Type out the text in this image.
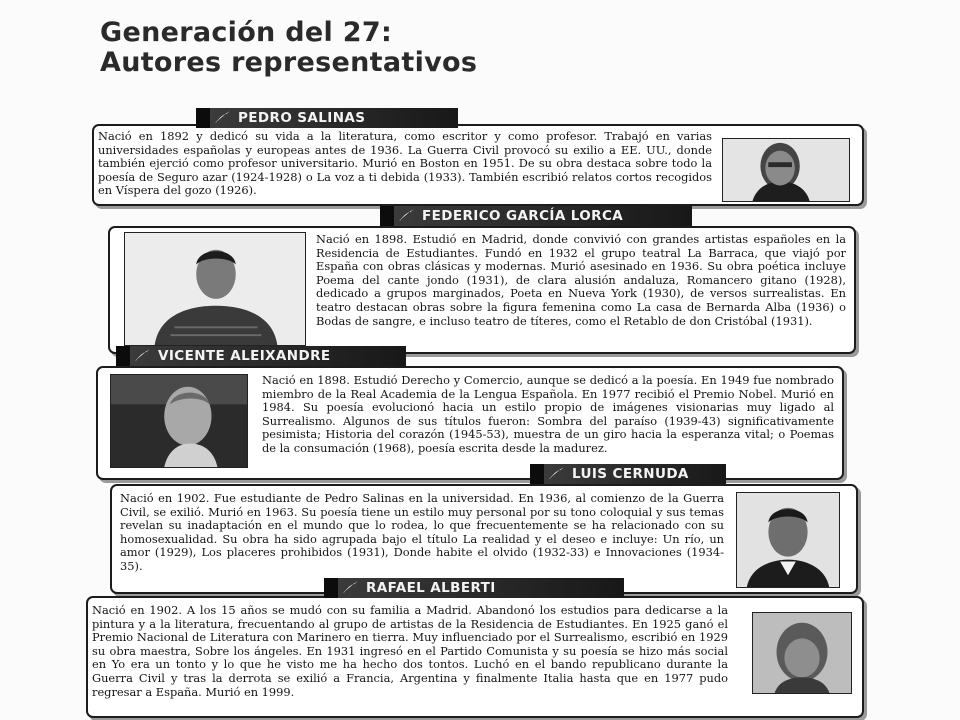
Generación del 27:
Autores representativos
PEDRO SALINAS
Nació en 1892 y dedicó su vida a la literatura, como escritor y como profesor. Trabajó en varias universidades españolas y europeas antes de 1936. La Guerra Civil provocó su exilio a EE. UU., donde también ejerció como profesor universitario. Murió en Boston en 1951. De su obra destaca sobre todo la poesía de Seguro azar (1924-1928) o La voz a ti debida (1933). También escribió relatos cortos recogidos en Víspera del gozo (1926).
FEDERICO GARCÍA LORCA
Nació en 1898. Estudió en Madrid, donde convivió con grandes artistas españoles en la Residencia de Estudiantes. Fundó en 1932 el grupo teatral La Barraca, que viajó por España con obras clásicas y modernas. Murió asesinado en 1936. Su obra poética incluye Poema del cante jondo (1931), de clara alusión andaluza, Romancero gitano (1928), dedicado a grupos marginados, Poeta en Nueva York (1930), de versos surrealistas. En teatro destacan obras sobre la figura femenina como La casa de Bernarda Alba (1936) o Bodas de sangre, e incluso teatro de títeres, como el Retablo de don Cristóbal (1931).
VICENTE ALEIXANDRE
Nació en 1898. Estudió Derecho y Comercio, aunque se dedicó a la poesía. En 1949 fue nombrado miembro de la Real Academia de la Lengua Española. En 1977 recibió el Premio Nobel. Murió en 1984. Su poesía evolucionó hacia un estilo propio de imágenes visionarias muy ligado al Surrealismo. Algunos de sus títulos fueron: Sombra del paraíso (1939-43) significativamente pesimista; Historia del corazón (1945-53), muestra de un giro hacia la esperanza vital; o Poemas de la consumación (1968), poesía escrita desde la madurez.
LUIS CERNUDA
Nació en 1902. Fue estudiante de Pedro Salinas en la universidad. En 1936, al comienzo de la Guerra Civil, se exilió. Murió en 1963. Su poesía tiene un estilo muy personal por su tono coloquial y sus temas revelan su inadaptación en el mundo que lo rodea, lo que frecuentemente se ha relacionado con su homosexualidad. Su obra ha sido agrupada bajo el título La realidad y el deseo e incluye: Un río, un amor (1929), Los placeres prohibidos (1931), Donde habite el olvido (1932-33) e Innovaciones (1934-35).
RAFAEL ALBERTI
Nació en 1902. A los 15 años se mudó con su familia a Madrid. Abandonó los estudios para dedicarse a la pintura y a la literatura, frecuentando al grupo de artistas de la Residencia de Estudiantes. En 1925 ganó el Premio Nacional de Literatura con Marinero en tierra. Muy influenciado por el Surrealismo, escribió en 1929 su obra maestra, Sobre los ángeles. En 1931 ingresó en el Partido Comunista y su poesía se hizo más social en Yo era un tonto y lo que he visto me ha hecho dos tontos. Luchó en el bando republicano durante la Guerra Civil y tras la derrota se exilió a Francia, Argentina y finalmente Italia hasta que en 1977 pudo regresar a España. Murió en 1999.
